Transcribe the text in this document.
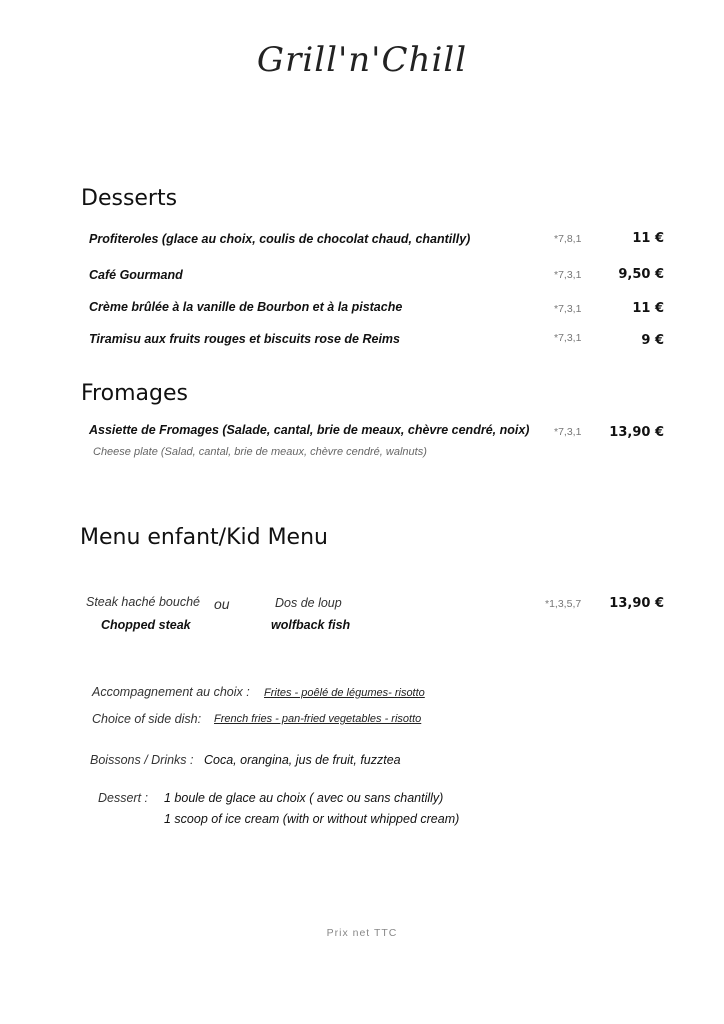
Grill'n'Chill
Desserts
Profiteroles (glace au choix, coulis de chocolat chaud, chantilly)	*7,8,1	11 €
Café Gourmand	*7,3,1	9,50 €
Crème brûlée à la vanille de Bourbon et à la pistache	*7,3,1	11 €
Tiramisu aux fruits rouges et biscuits rose de Reims	*7,3,1	9 €
Fromages
Assiette de Fromages (Salade, cantal, brie de meaux, chèvre cendré, noix)
Cheese plate (Salad, cantal, brie de meaux, chèvre cendré, walnuts)
*7,3,1 13,90 €
Menu enfant/Kid Menu
Steak haché bouché
Chopped steak
ou	Dos de loup
wolfback fish
*1,3,5,7 13,90 €
Accompagnement au choix : Frites - poêlé de légumes- risotto
Choice of side dish: French fries - pan-fried vegetables - risotto
Boissons / Drinks : Coca, orangina, jus de fruit, fuzztea
Dessert : 1 boule de glace au choix ( avec ou sans chantilly)
1 scoop of ice cream (with or without whipped cream)
Prix net TTC
